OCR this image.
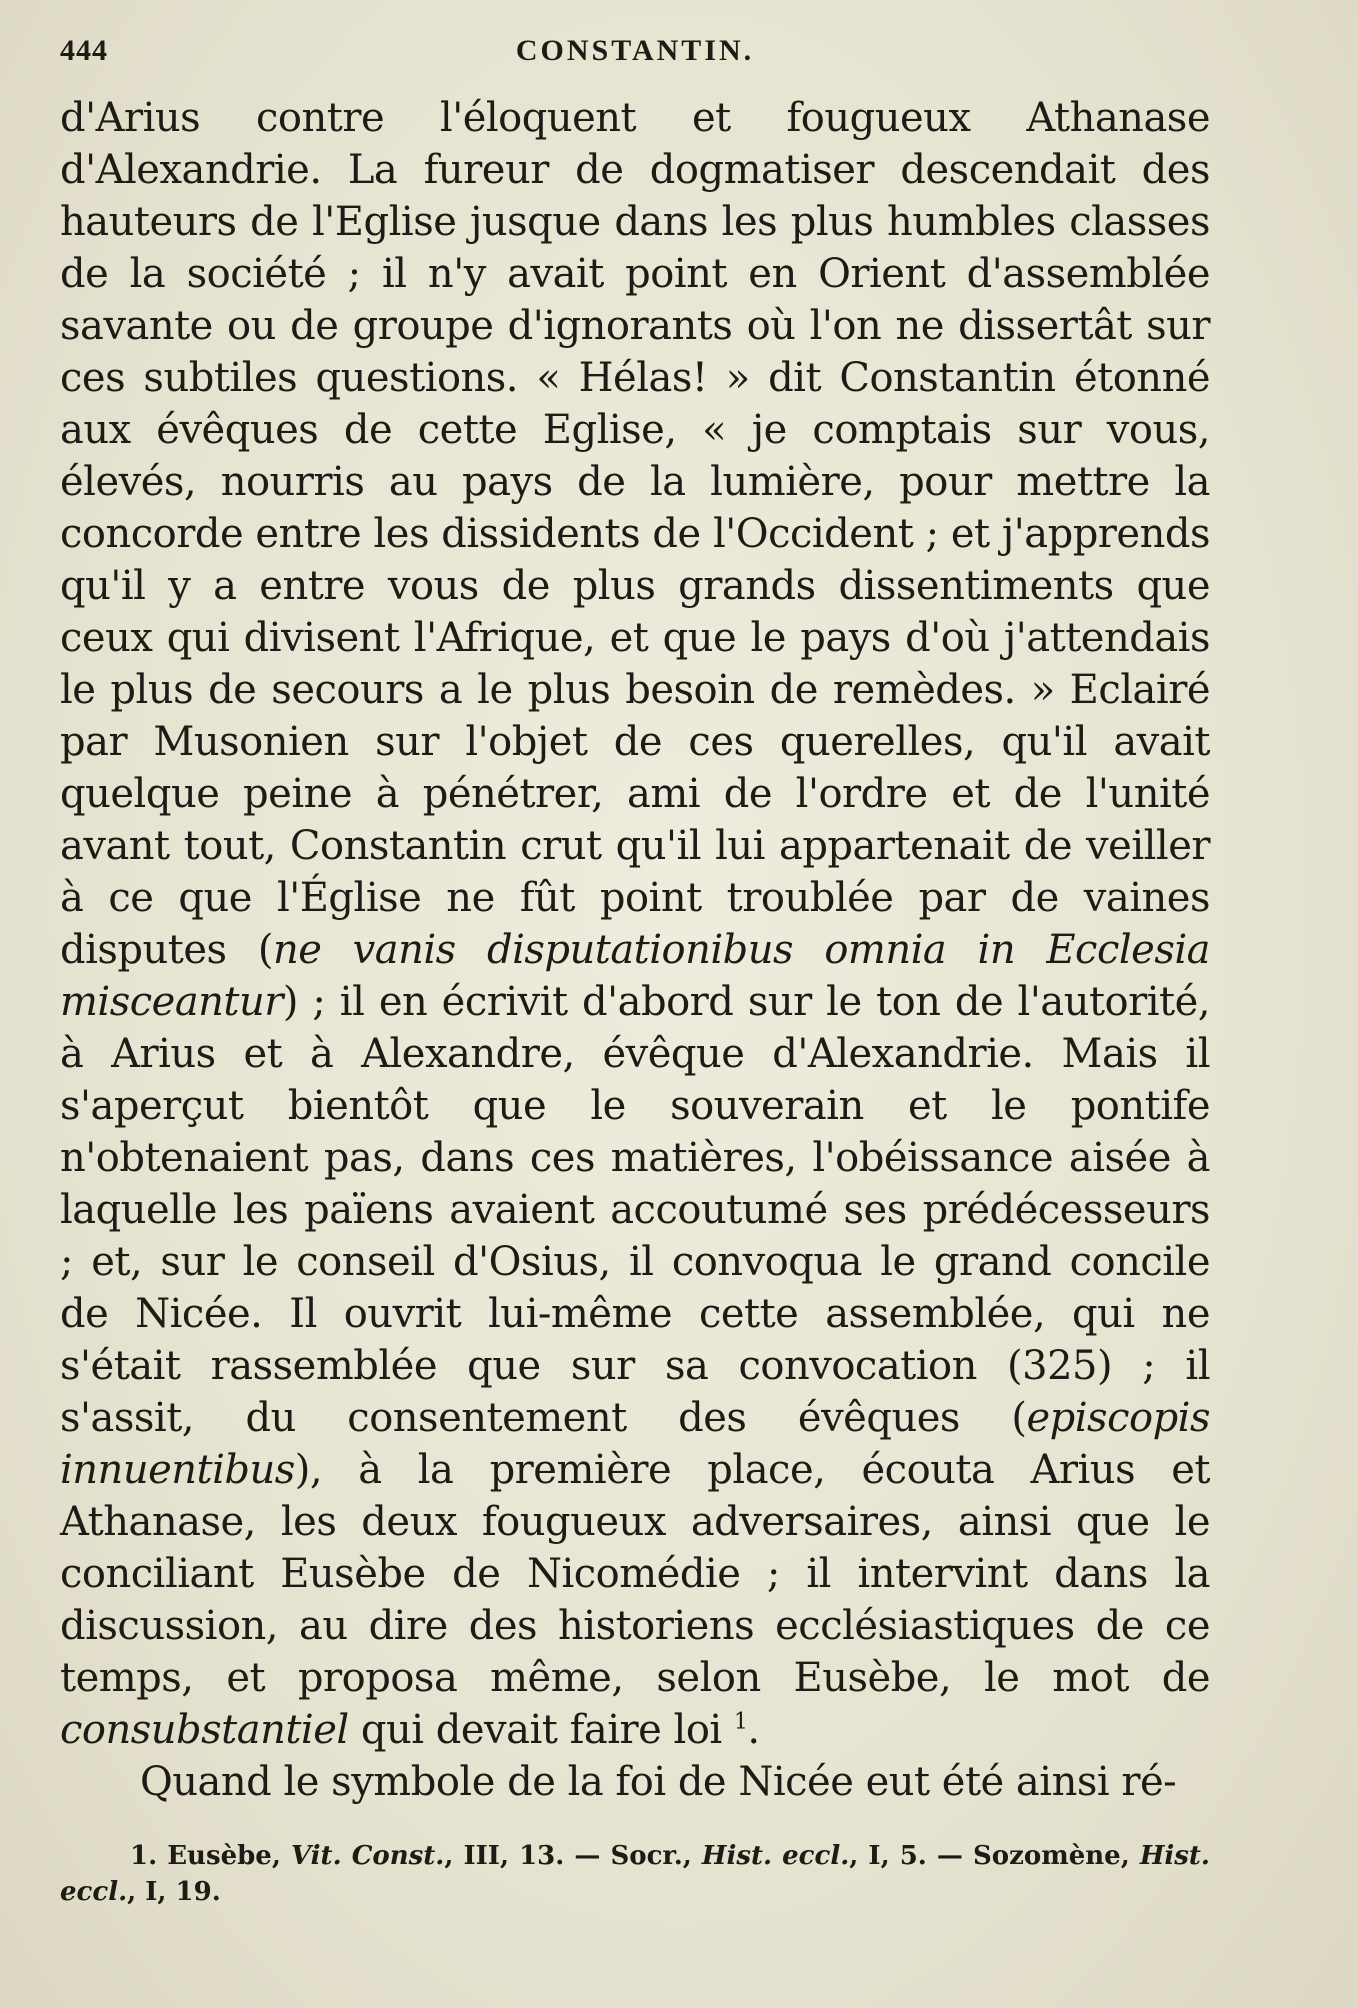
444	CONSTANTIN.

d'Arius contre l'éloquent et fougueux Athanase d'Alexandrie. La fureur de dogmatiser descendait des hauteurs de l'Eglise jusque dans les plus humbles classes de la société ; il n'y avait point en Orient d'assemblée savante ou de groupe d'ignorants où l'on ne dissertât sur ces subtiles questions. « Hélas! » dit Constantin étonné aux évêques de cette Eglise, « je comptais sur vous, élevés, nourris au pays de la lumière, pour mettre la concorde entre les dissidents de l'Occident ; et j'apprends qu'il y a entre vous de plus grands dissentiments que ceux qui divisent l'Afrique, et que le pays d'où j'attendais le plus de secours a le plus besoin de remèdes. » Eclairé par Musonien sur l'objet de ces querelles, qu'il avait quelque peine à pénétrer, ami de l'ordre et de l'unité avant tout, Constantin crut qu'il lui appartenait de veiller à ce que l'Église ne fût point troublée par de vaines disputes (ne vanis disputationibus omnia in Ecclesia misceantur) ; il en écrivit d'abord sur le ton de l'autorité, à Arius et à Alexandre, évêque d'Alexandrie. Mais il s'aperçut bientôt que le souverain et le pontife n'obtenaient pas, dans ces matières, l'obéissance aisée à laquelle les païens avaient accoutumé ses prédécesseurs ; et, sur le conseil d'Osius, il convoqua le grand concile de Nicée. Il ouvrit lui-même cette assemblée, qui ne s'était rassemblée que sur sa convocation (325) ; il s'assit, du consentement des évêques (episcopis innuentibus), à la première place, écouta Arius et Athanase, les deux fougueux adversaires, ainsi que le conciliant Eusèbe de Nicomédie ; il intervint dans la discussion, au dire des historiens ecclésiastiques de ce temps, et proposa même, selon Eusèbe, le mot de consubstantiel qui devait faire loi $^1$.

Quand le symbole de la foi de Nicée eut été ainsi ré-

1. Eusèbe, Vit. Const., III, 13. — Socr., Hist. eccl., I, 5. — Sozomène, Hist. eccl., I, 19.
